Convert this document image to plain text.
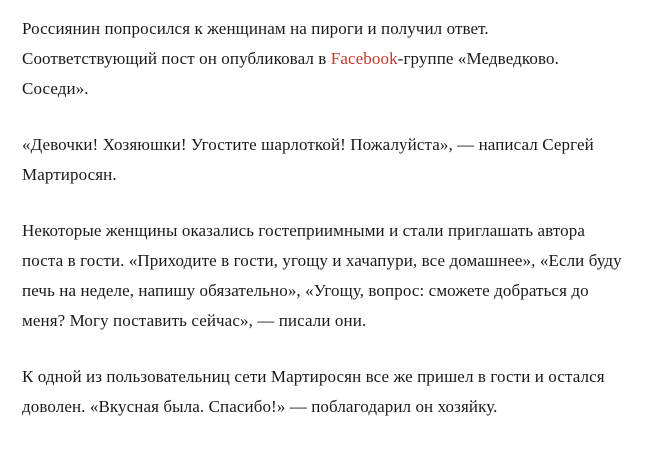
Россиянин попросился к женщинам на пироги и получил ответ. Соответствующий пост он опубликовал в Facebook-группе «Медведково. Соседи».

«Девочки! Хозяюшки! Угостите шарлоткой! Пожалуйста», — написал Сергей Мартиросян.

Некоторые женщины оказались гостеприимными и стали приглашать автора поста в гости. «Приходите в гости, угощу и хачапури, все домашнее», «Если буду печь на неделе, напишу обязательно», «Угощу, вопрос: сможете добраться до меня? Могу поставить сейчас», — писали они.

К одной из пользовательниц сети Мартиросян все же пришел в гости и остался доволен. «Вкусная была. Спасибо!» — поблагодарил он хозяйку.
